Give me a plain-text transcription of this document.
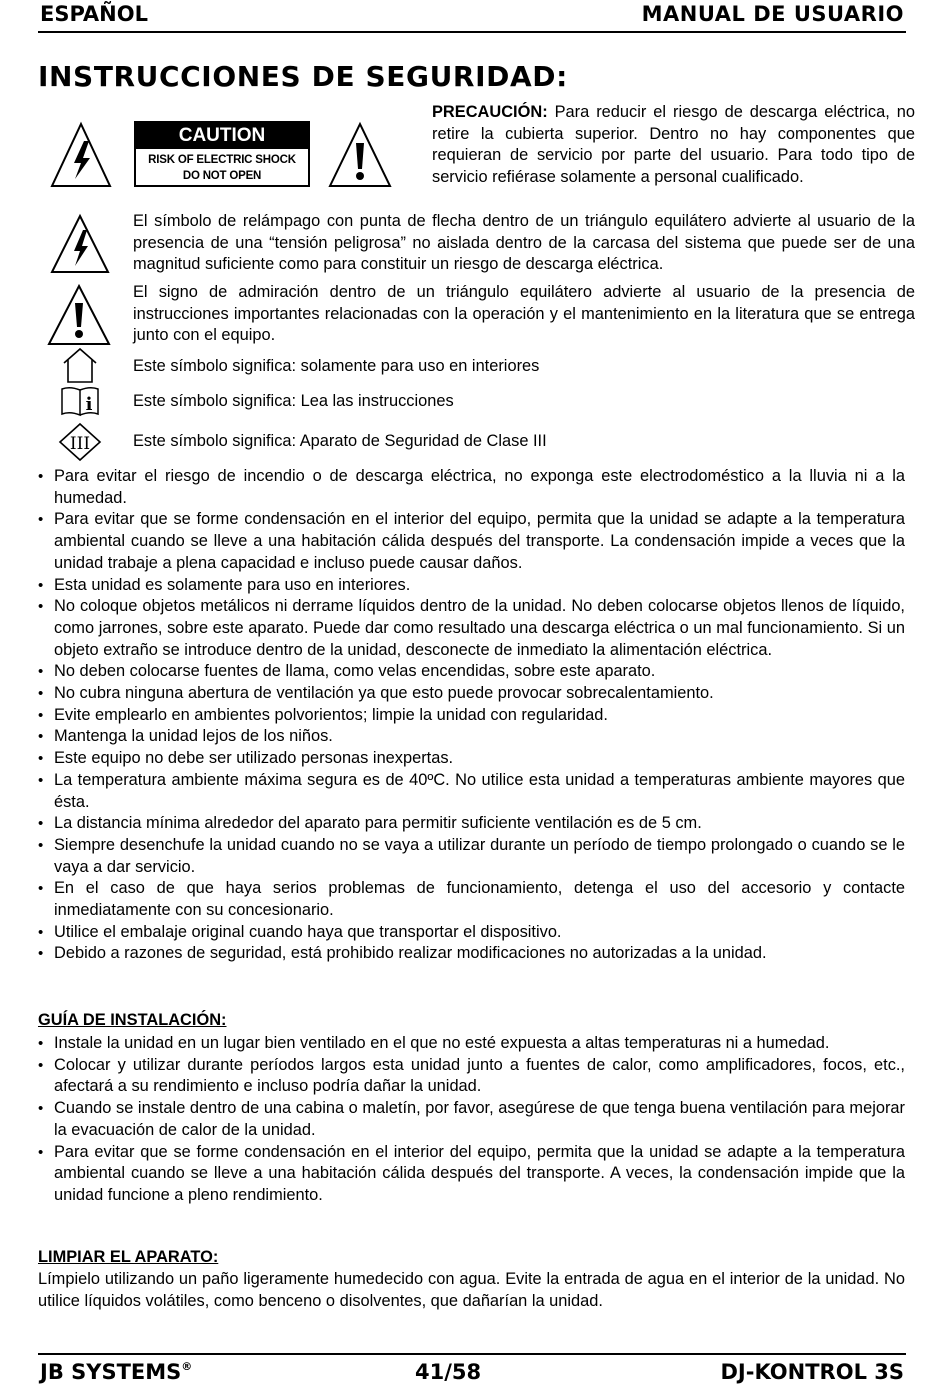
ESPAÑOL	MANUAL DE USUARIO
INSTRUCCIONES DE SEGURIDAD:
CAUTION
RISK OF ELECTRIC SHOCK
DO NOT OPEN

PRECAUCIÓN: Para reducir el riesgo de descarga eléctrica, no retire la cubierta superior. Dentro no hay componentes que requieran de servicio por parte del usuario. Para todo tipo de servicio refiérase solamente a personal cualificado.

El símbolo de relámpago con punta de flecha dentro de un triángulo equilátero advierte al usuario de la presencia de una “tensión peligrosa” no aislada dentro de la carcasa del sistema que puede ser de una magnitud suficiente como para constituir un riesgo de descarga eléctrica.

El signo de admiración dentro de un triángulo equilátero advierte al usuario de la presencia de instrucciones importantes relacionadas con la operación y el mantenimiento en la literatura que se entrega junto con el equipo.

Este símbolo significa: solamente para uso en interiores

i Este símbolo significa: Lea las instrucciones

III	Este símbolo significa: Aparato de Seguridad de Clase III

• Para evitar el riesgo de incendio o de descarga eléctrica, no exponga este electrodoméstico a la lluvia ni a la humedad.
• Para evitar que se forme condensación en el interior del equipo, permita que la unidad se adapte a la temperatura ambiental cuando se lleve a una habitación cálida después del transporte. La condensación impide a veces que la unidad trabaje a plena capacidad e incluso puede causar daños.
• Esta unidad es solamente para uso en interiores.
• No coloque objetos metálicos ni derrame líquidos dentro de la unidad. No deben colocarse objetos llenos de líquido, como jarrones, sobre este aparato. Puede dar como resultado una descarga eléctrica o un mal funcionamiento. Si un objeto extraño se introduce dentro de la unidad, desconecte de inmediato la alimentación eléctrica.
• No deben colocarse fuentes de llama, como velas encendidas, sobre este aparato.
• No cubra ninguna abertura de ventilación ya que esto puede provocar sobrecalentamiento.
• Evite emplearlo en ambientes polvorientos; limpie la unidad con regularidad.
• Mantenga la unidad lejos de los niños.
• Este equipo no debe ser utilizado personas inexpertas.
• La temperatura ambiente máxima segura es de 40ºC. No utilice esta unidad a temperaturas ambiente mayores que ésta.
• La distancia mínima alrededor del aparato para permitir suficiente ventilación es de 5 cm.
• Siempre desenchufe la unidad cuando no se vaya a utilizar durante un período de tiempo prolongado o cuando se le vaya a dar servicio.
• En el caso de que haya serios problemas de funcionamiento, detenga el uso del accesorio y contacte inmediatamente con su concesionario.
• Utilice el embalaje original cuando haya que transportar el dispositivo.
• Debido a razones de seguridad, está prohibido realizar modificaciones no autorizadas a la unidad.
GUÍA DE INSTALACIÓN:
• Instale la unidad en un lugar bien ventilado en el que no esté expuesta a altas temperaturas ni a humedad.
• Colocar y utilizar durante períodos largos esta unidad junto a fuentes de calor, como amplificadores, focos, etc., afectará a su rendimiento e incluso podría dañar la unidad.
• Cuando se instale dentro de una cabina o maletín, por favor, asegúrese de que tenga buena ventilación para mejorar la evacuación de calor de la unidad.
• Para evitar que se forme condensación en el interior del equipo, permita que la unidad se adapte a la temperatura ambiental cuando se lleve a una habitación cálida después del transporte. A veces, la condensación impide que la unidad funcione a pleno rendimiento.
LIMPIAR EL APARATO:

Límpielo utilizando un paño ligeramente humedecido con agua. Evite la entrada de agua en el interior de la unidad. No utilice líquidos volátiles, como benceno o disolventes, que dañarían la unidad.

JB SYSTEMS®	41/58	DJ-KONTROL 3S
